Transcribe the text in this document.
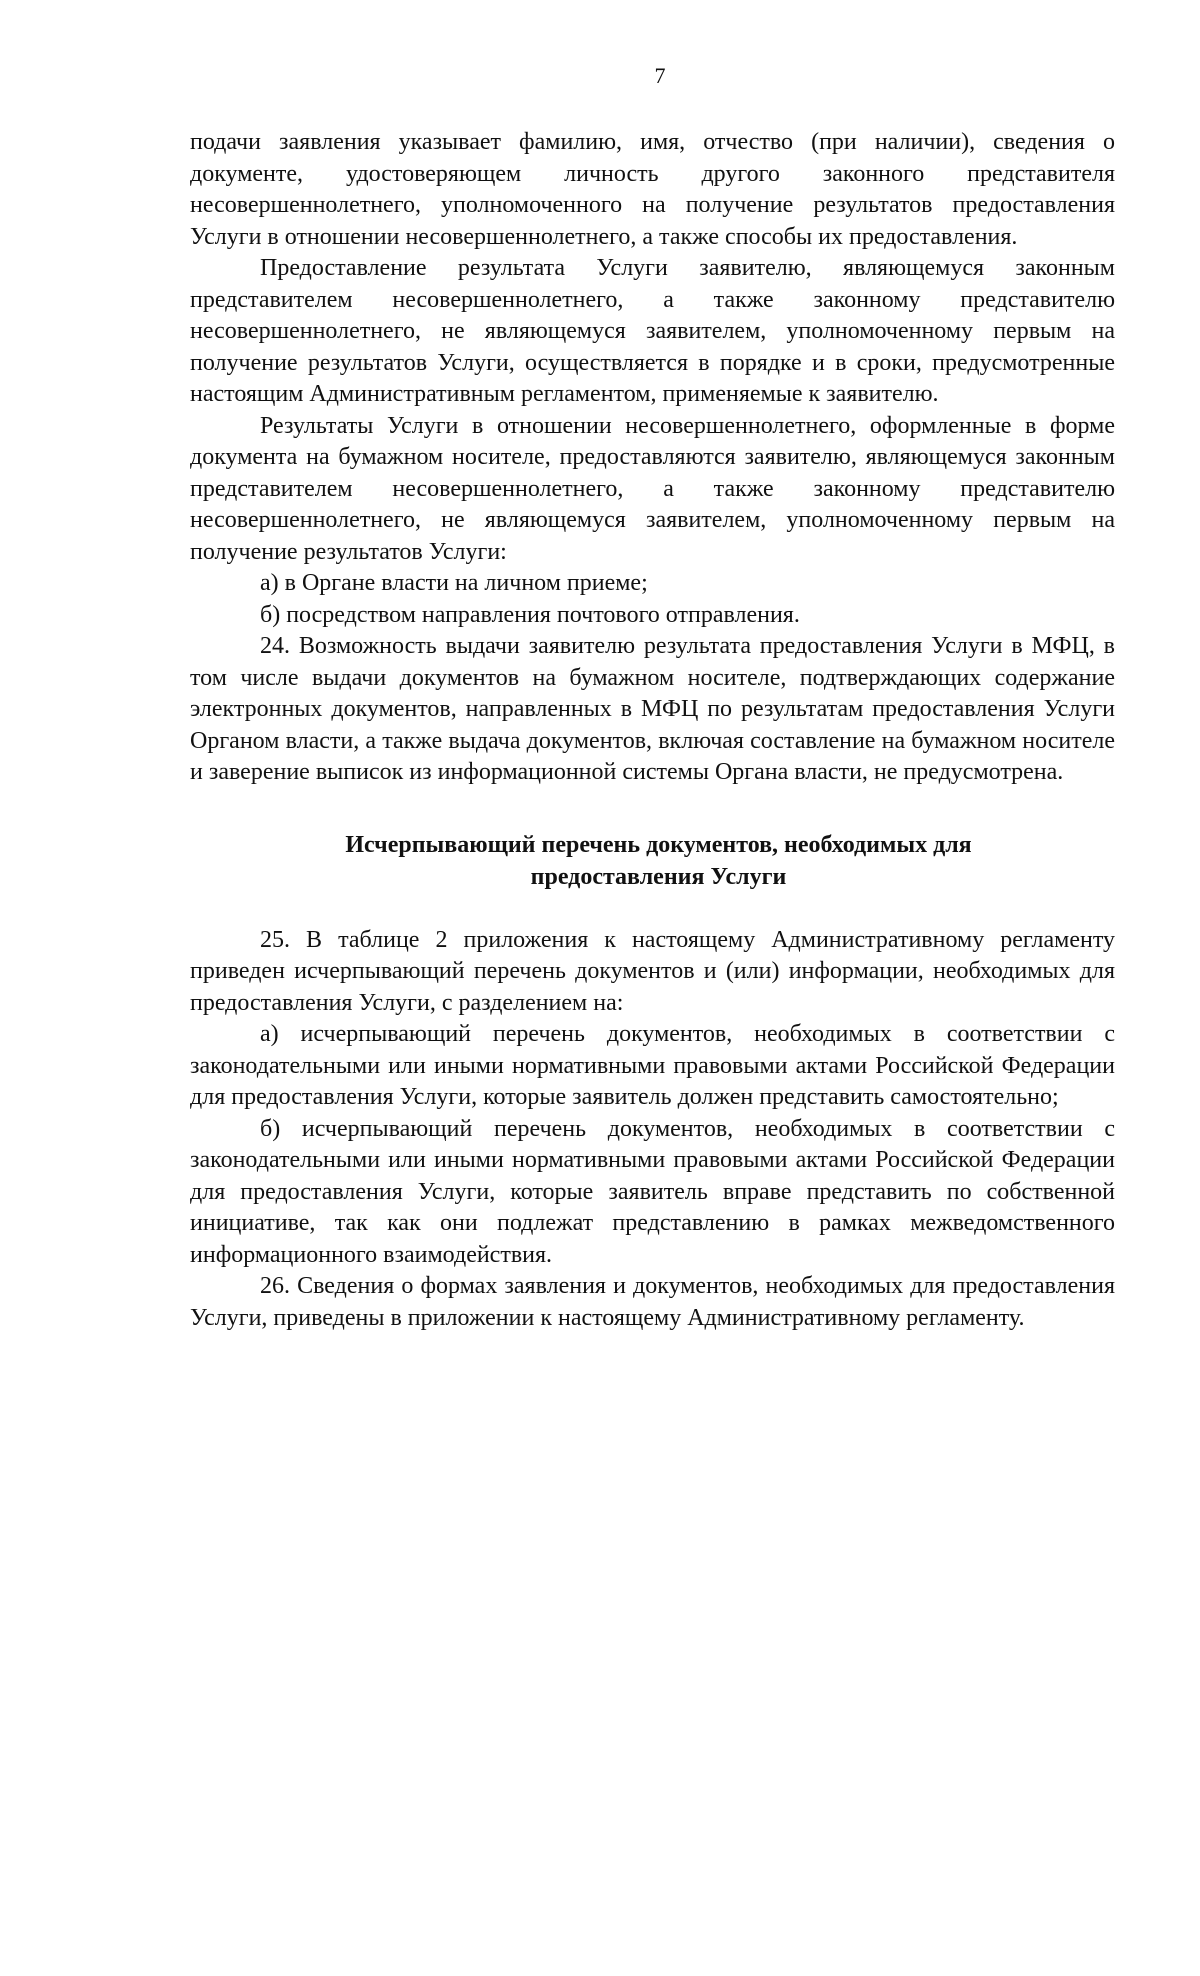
7

подачи заявления указывает фамилию, имя, отчество (при наличии), сведения о документе, удостоверяющем личность другого законного представителя несовершеннолетнего, уполномоченного на получение результатов предоставления Услуги в отношении несовершеннолетнего, а также способы их предоставления.

Предоставление результата Услуги заявителю, являющемуся законным представителем несовершеннолетнего, а также законному представителю несовершеннолетнего, не являющемуся заявителем, уполномоченному первым на получение результатов Услуги, осуществляется в порядке и в сроки, предусмотренные настоящим Административным регламентом, применяемые к заявителю.

Результаты Услуги в отношении несовершеннолетнего, оформленные в форме документа на бумажном носителе, предоставляются заявителю, являющемуся законным представителем несовершеннолетнего, а также законному представителю несовершеннолетнего, не являющемуся заявителем, уполномоченному первым на получение результатов Услуги:

а) в Органе власти на личном приеме;

б) посредством направления почтового отправления.

24. Возможность выдачи заявителю результата предоставления Услуги в МФЦ, в том числе выдачи документов на бумажном носителе, подтверждающих содержание электронных документов, направленных в МФЦ по результатам предоставления Услуги Органом власти, а также выдача документов, включая составление на бумажном носителе и заверение выписок из информационной системы Органа власти, не предусмотрена.

Исчерпывающий перечень документов, необходимых для
предоставления Услуги

25. В таблице 2 приложения к настоящему Административному регламенту приведен исчерпывающий перечень документов и (или) информации, необходимых для предоставления Услуги, с разделением на:

а) исчерпывающий перечень документов, необходимых в соответствии с законодательными или иными нормативными правовыми актами Российской Федерации для предоставления Услуги, которые заявитель должен представить самостоятельно;

б) исчерпывающий перечень документов, необходимых в соответствии с законодательными или иными нормативными правовыми актами Российской Федерации для предоставления Услуги, которые заявитель вправе представить по собственной инициативе, так как они подлежат представлению в рамках межведомственного информационного взаимодействия.

26. Сведения о формах заявления и документов, необходимых для предоставления Услуги, приведены в приложении к настоящему Административному регламенту.
